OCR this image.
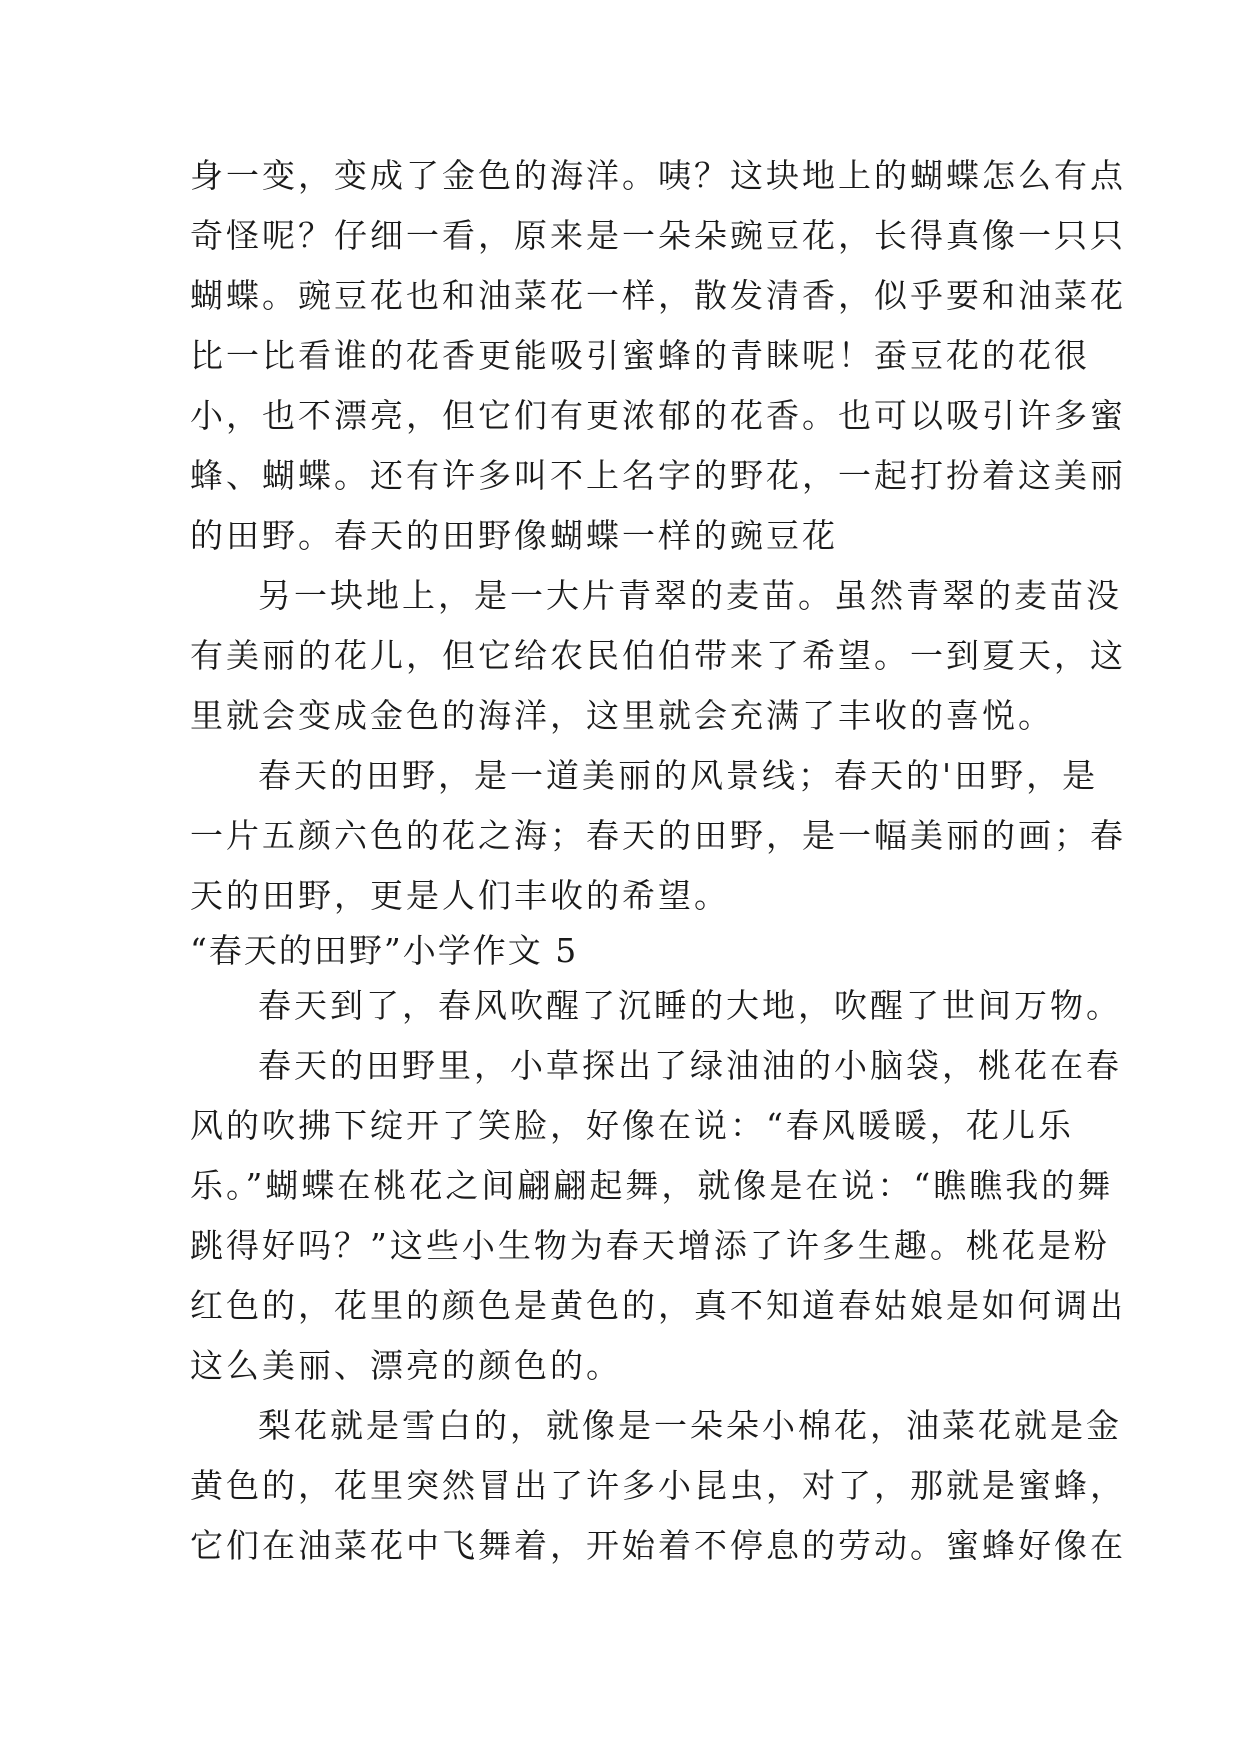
身一变，变成了金色的海洋。咦？这块地上的蝴蝶怎么有点
奇怪呢？仔细一看，原来是一朵朵豌豆花，长得真像一只只
蝴蝶。豌豆花也和油菜花一样，散发清香，似乎要和油菜花
比一比看谁的花香更能吸引蜜蜂的青睐呢！蚕豆花的花很
小，也不漂亮，但它们有更浓郁的花香。也可以吸引许多蜜
蜂、蝴蝶。还有许多叫不上名字的野花，一起打扮着这美丽
的田野。春天的田野像蝴蝶一样的豌豆花
另一块地上，是一大片青翠的麦苗。虽然青翠的麦苗没
有美丽的花儿，但它给农民伯伯带来了希望。一到夏天，这
里就会变成金色的海洋，这里就会充满了丰收的喜悦。
春天的田野，是一道美丽的风景线；春天的'田野，是
一片五颜六色的花之海；春天的田野，是一幅美丽的画；春
天的田野，更是人们丰收的希望。
“春天的田野”小学作文 5
春天到了，春风吹醒了沉睡的大地，吹醒了世间万物。
春天的田野里，小草探出了绿油油的小脑袋，桃花在春
风的吹拂下绽开了笑脸，好像在说：“春风暖暖，花儿乐
乐。”蝴蝶在桃花之间翩翩起舞，就像是在说：“瞧瞧我的舞
跳得好吗？”这些小生物为春天增添了许多生趣。桃花是粉
红色的，花里的颜色是黄色的，真不知道春姑娘是如何调出
这么美丽、漂亮的颜色的。
梨花就是雪白的，就像是一朵朵小棉花，油菜花就是金
黄色的，花里突然冒出了许多小昆虫，对了，那就是蜜蜂，
它们在油菜花中飞舞着，开始着不停息的劳动。蜜蜂好像在
